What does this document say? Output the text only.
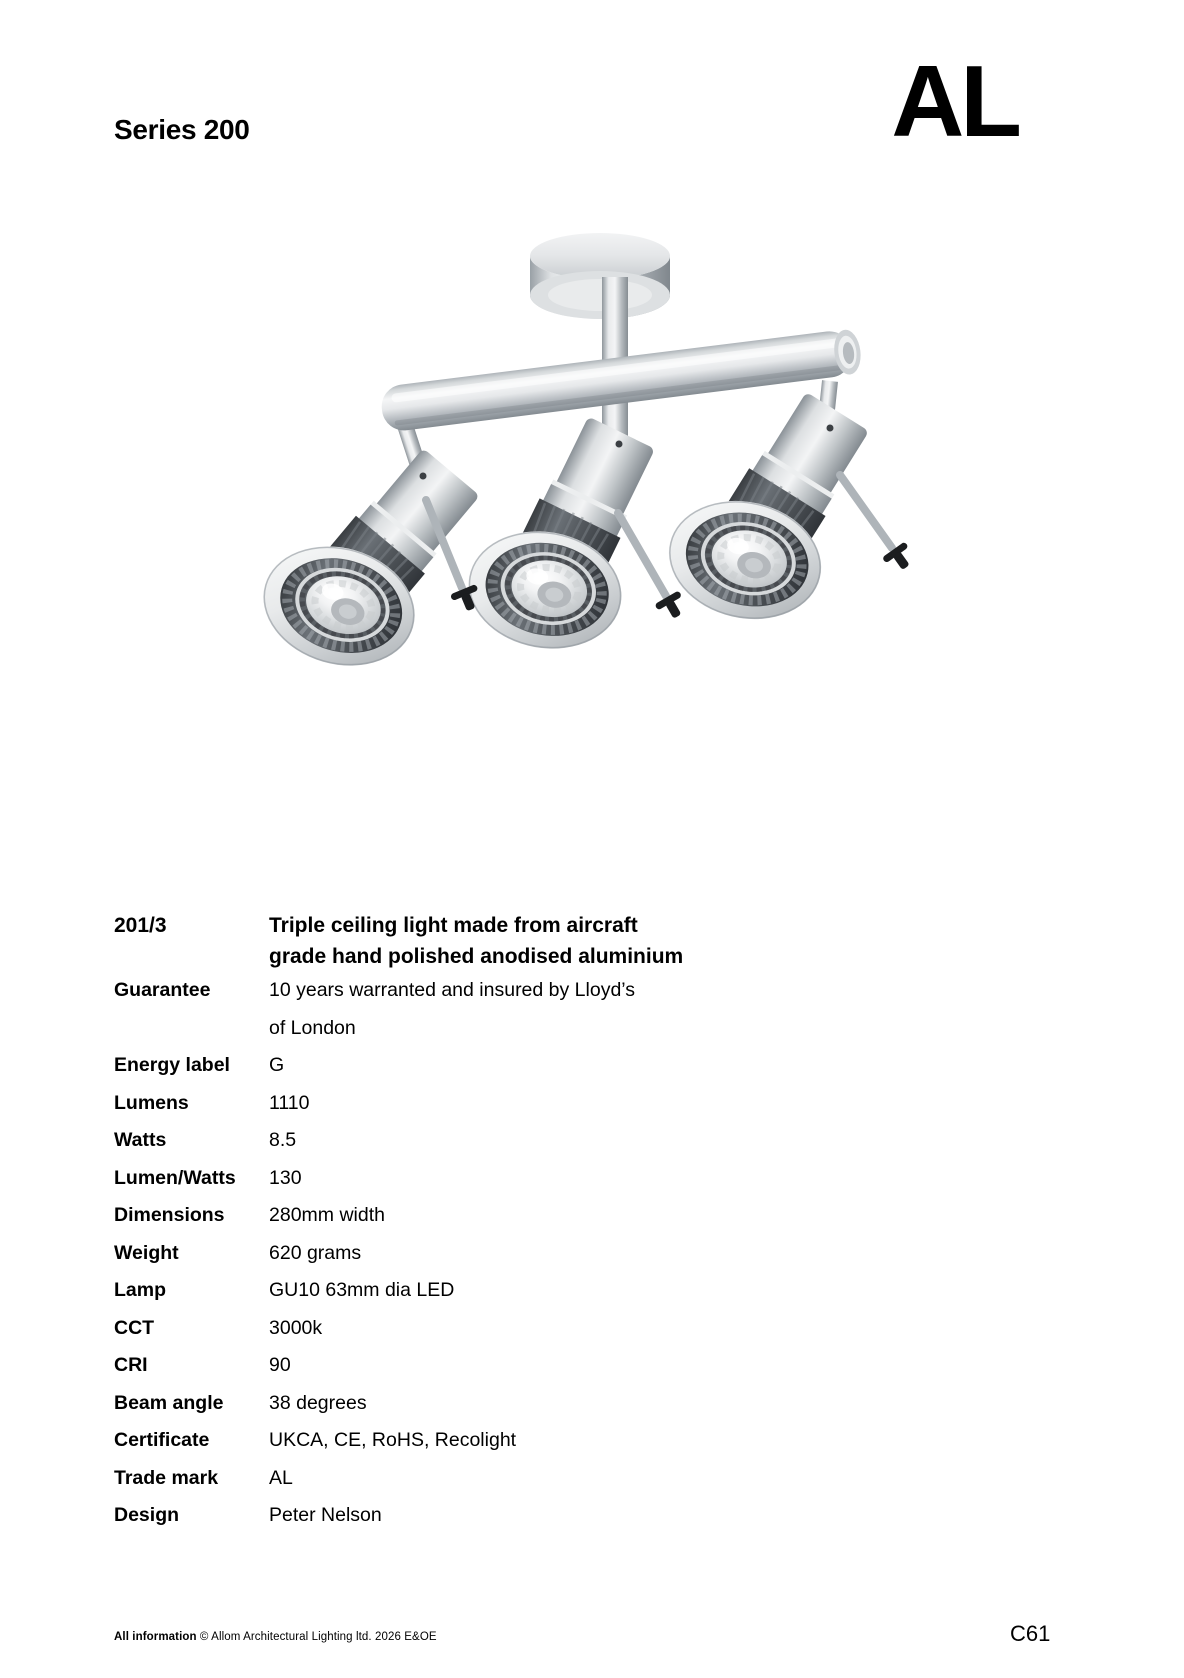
Series 200	AL
201/3	Triple ceiling light made from aircraft
grade hand polished anodised aluminium
Guarantee	10 years warranted and insured by Lloyd’s
of London
Energy label	G
Lumens	1110
Watts	8.5
Lumen/Watts	130
Dimensions	280mm width
Weight	620 grams
Lamp	GU10 63mm dia LED
CCT	3000k
CRI	90
Beam angle	38 degrees
Certificate	UKCA, CE, RoHS, Recolight
Trade mark	AL
Design	Peter Nelson
All information © Allom Architectural Lighting ltd. 2026 E&OE	C61
